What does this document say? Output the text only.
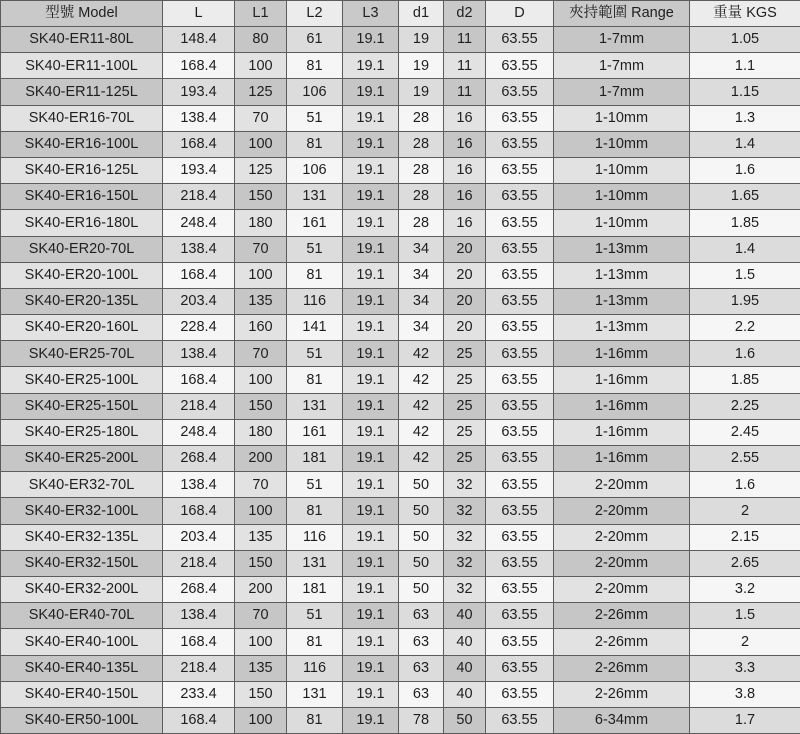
型號 Model	L	L1	L2	L3	d1	d2	D	夾持範圍 Range	重量 KGS
SK40-ER11-80L	148.4	80	61	19.1	19	11	63.55	1-7mm	1.05
SK40-ER11-100L	168.4	100	81	19.1	19	11	63.55	1-7mm	1.1
SK40-ER11-125L	193.4	125	106	19.1	19	11	63.55	1-7mm	1.15
SK40-ER16-70L	138.4	70	51	19.1	28	16	63.55	1-10mm	1.3
SK40-ER16-100L	168.4	100	81	19.1	28	16	63.55	1-10mm	1.4
SK40-ER16-125L	193.4	125	106	19.1	28	16	63.55	1-10mm	1.6
SK40-ER16-150L	218.4	150	131	19.1	28	16	63.55	1-10mm	1.65
SK40-ER16-180L	248.4	180	161	19.1	28	16	63.55	1-10mm	1.85
SK40-ER20-70L	138.4	70	51	19.1	34	20	63.55	1-13mm	1.4
SK40-ER20-100L	168.4	100	81	19.1	34	20	63.55	1-13mm	1.5
SK40-ER20-135L	203.4	135	116	19.1	34	20	63.55	1-13mm	1.95
SK40-ER20-160L	228.4	160	141	19.1	34	20	63.55	1-13mm	2.2
SK40-ER25-70L	138.4	70	51	19.1	42	25	63.55	1-16mm	1.6
SK40-ER25-100L	168.4	100	81	19.1	42	25	63.55	1-16mm	1.85
SK40-ER25-150L	218.4	150	131	19.1	42	25	63.55	1-16mm	2.25
SK40-ER25-180L	248.4	180	161	19.1	42	25	63.55	1-16mm	2.45
SK40-ER25-200L	268.4	200	181	19.1	42	25	63.55	1-16mm	2.55
SK40-ER32-70L	138.4	70	51	19.1	50	32	63.55	2-20mm	1.6
SK40-ER32-100L	168.4	100	81	19.1	50	32	63.55	2-20mm	2
SK40-ER32-135L	203.4	135	116	19.1	50	32	63.55	2-20mm	2.15
SK40-ER32-150L	218.4	150	131	19.1	50	32	63.55	2-20mm	2.65
SK40-ER32-200L	268.4	200	181	19.1	50	32	63.55	2-20mm	3.2
SK40-ER40-70L	138.4	70	51	19.1	63	40	63.55	2-26mm	1.5
SK40-ER40-100L	168.4	100	81	19.1	63	40	63.55	2-26mm	2
SK40-ER40-135L	218.4	135	116	19.1	63	40	63.55	2-26mm	3.3
SK40-ER40-150L	233.4	150	131	19.1	63	40	63.55	2-26mm	3.8
SK40-ER50-100L	168.4	100	81	19.1	78	50	63.55	6-34mm	1.7
